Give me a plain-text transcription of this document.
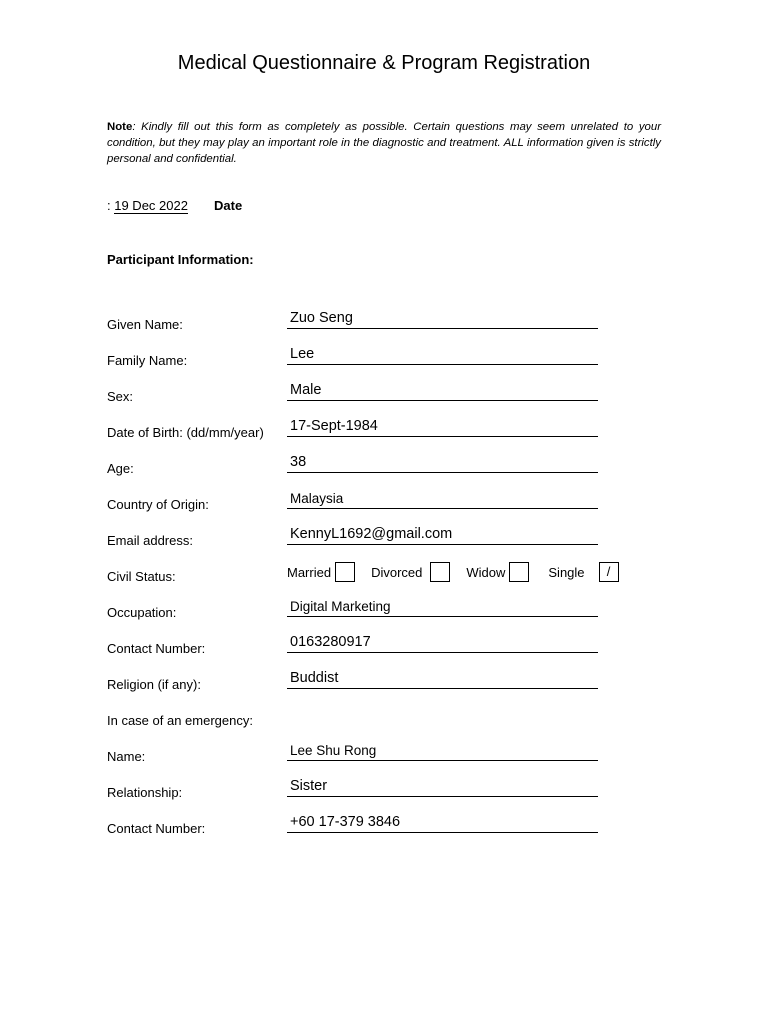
Medical Questionnaire & Program Registration
Note: Kindly fill out this form as completely as possible. Certain questions may seem unrelated to your condition, but they may play an important role in the diagnostic and treatment. ALL information given is strictly personal and confidential.
Date
: 19 Dec 2022
Participant Information:
Given Name:	Zuo Seng
Family Name:	Lee
Sex:	Male
Date of Birth: (dd/mm/year) 17-Sept-1984
Age:	38
Country of Origin:	Malaysia
Email address:	KennyL1692@gmail.com
Civil Status:	Married	Divorced	Widow	Single	/
Occupation:	Digital Marketing
Contact Number:	0163280917
Religion (if any):	Buddist
In case of an emergency:
Name:	Lee Shu Rong
Relationship:	Sister
Contact Number:	+60 17-379 3846
